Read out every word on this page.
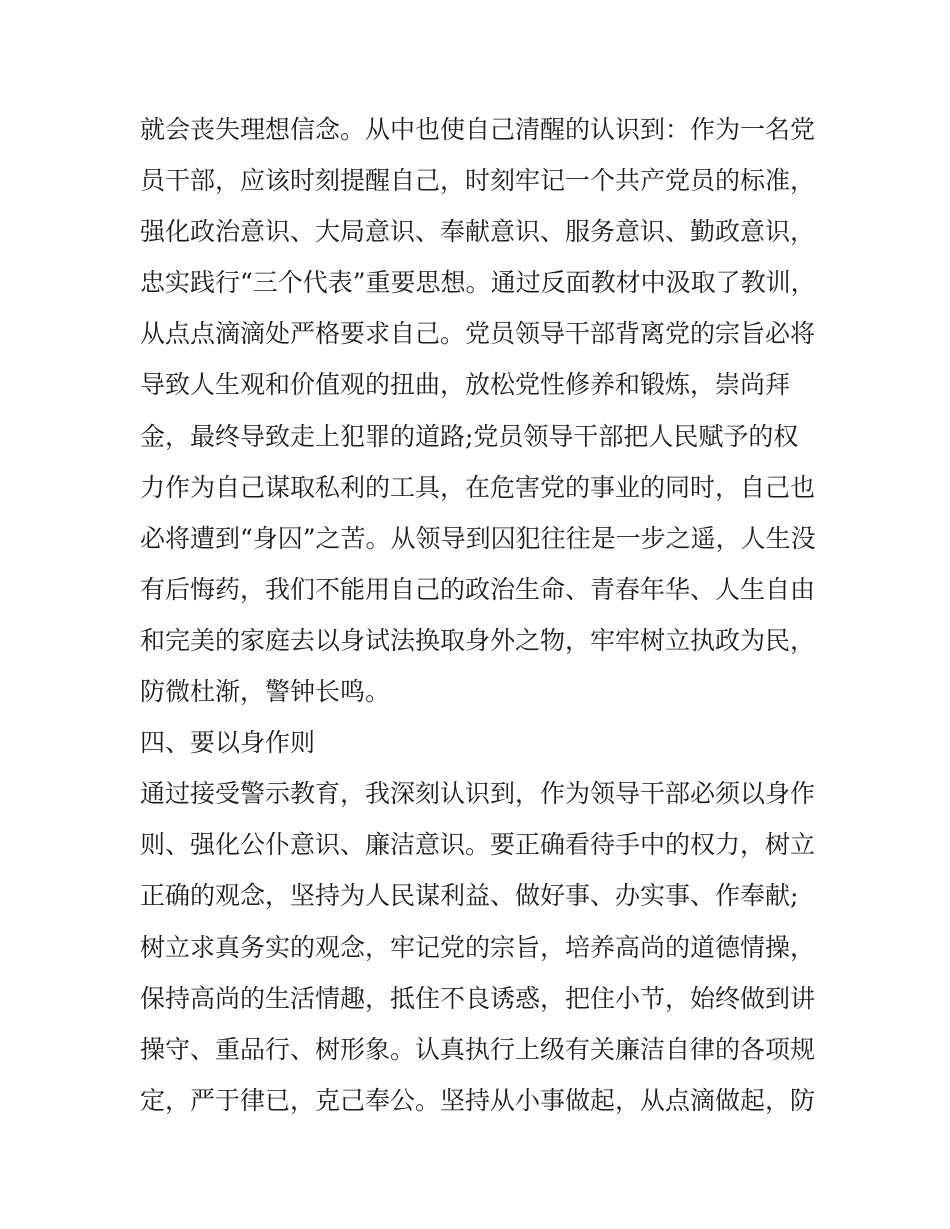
就会丧失理想信念。从中也使自己清醒的认识到：作为一名党
员干部，应该时刻提醒自己，时刻牢记一个共产党员的标准，
强化政治意识、大局意识、奉献意识、服务意识、勤政意识，
忠实践行“三个代表”重要思想。通过反面教材中汲取了教训，
从点点滴滴处严格要求自己。党员领导干部背离党的宗旨必将
导致人生观和价值观的扭曲，放松党性修养和锻炼，崇尚拜
金，最终导致走上犯罪的道路;党员领导干部把人民赋予的权
力作为自己谋取私利的工具，在危害党的事业的同时，自己也
必将遭到“身囚”之苦。从领导到囚犯往往是一步之遥，人生没
有后悔药，我们不能用自己的政治生命、青春年华、人生自由
和完美的家庭去以身试法换取身外之物，牢牢树立执政为民，
防微杜渐，警钟长鸣。
四、要以身作则
通过接受警示教育，我深刻认识到，作为领导干部必须以身作
则、强化公仆意识、廉洁意识。要正确看待手中的权力，树立
正确的观念，坚持为人民谋利益、做好事、办实事、作奉献;
树立求真务实的观念，牢记党的宗旨，培养高尚的道德情操，
保持高尚的生活情趣，抵住不良诱惑，把住小节，始终做到讲
操守、重品行、树形象。认真执行上级有关廉洁自律的各项规
定，严于律已，克己奉公。坚持从小事做起，从点滴做起，防
